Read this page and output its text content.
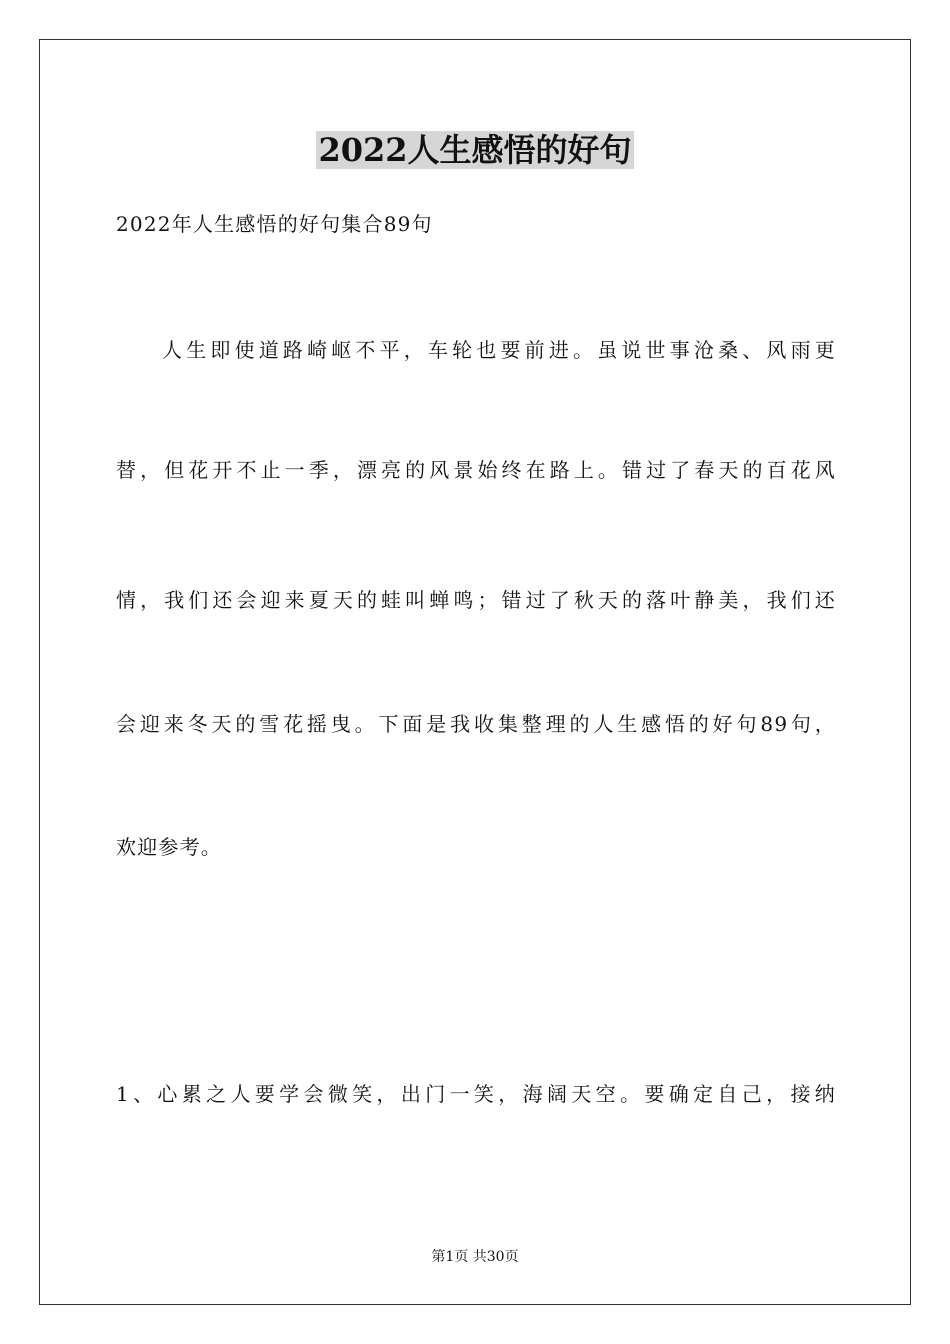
2022人生感悟的好句
2022年人生感悟的好句集合89句
人生即使道路崎岖不平，车轮也要前进。虽说世事沧桑、风雨更
替，但花开不止一季，漂亮的风景始终在路上。错过了春天的百花风
情，我们还会迎来夏天的蛙叫蝉鸣；错过了秋天的落叶静美，我们还
会迎来冬天的雪花摇曳。下面是我收集整理的人生感悟的好句89句，
欢迎参考。
1、心累之人要学会微笑，出门一笑，海阔天空。要确定自己，接纳
第1页 共30页
